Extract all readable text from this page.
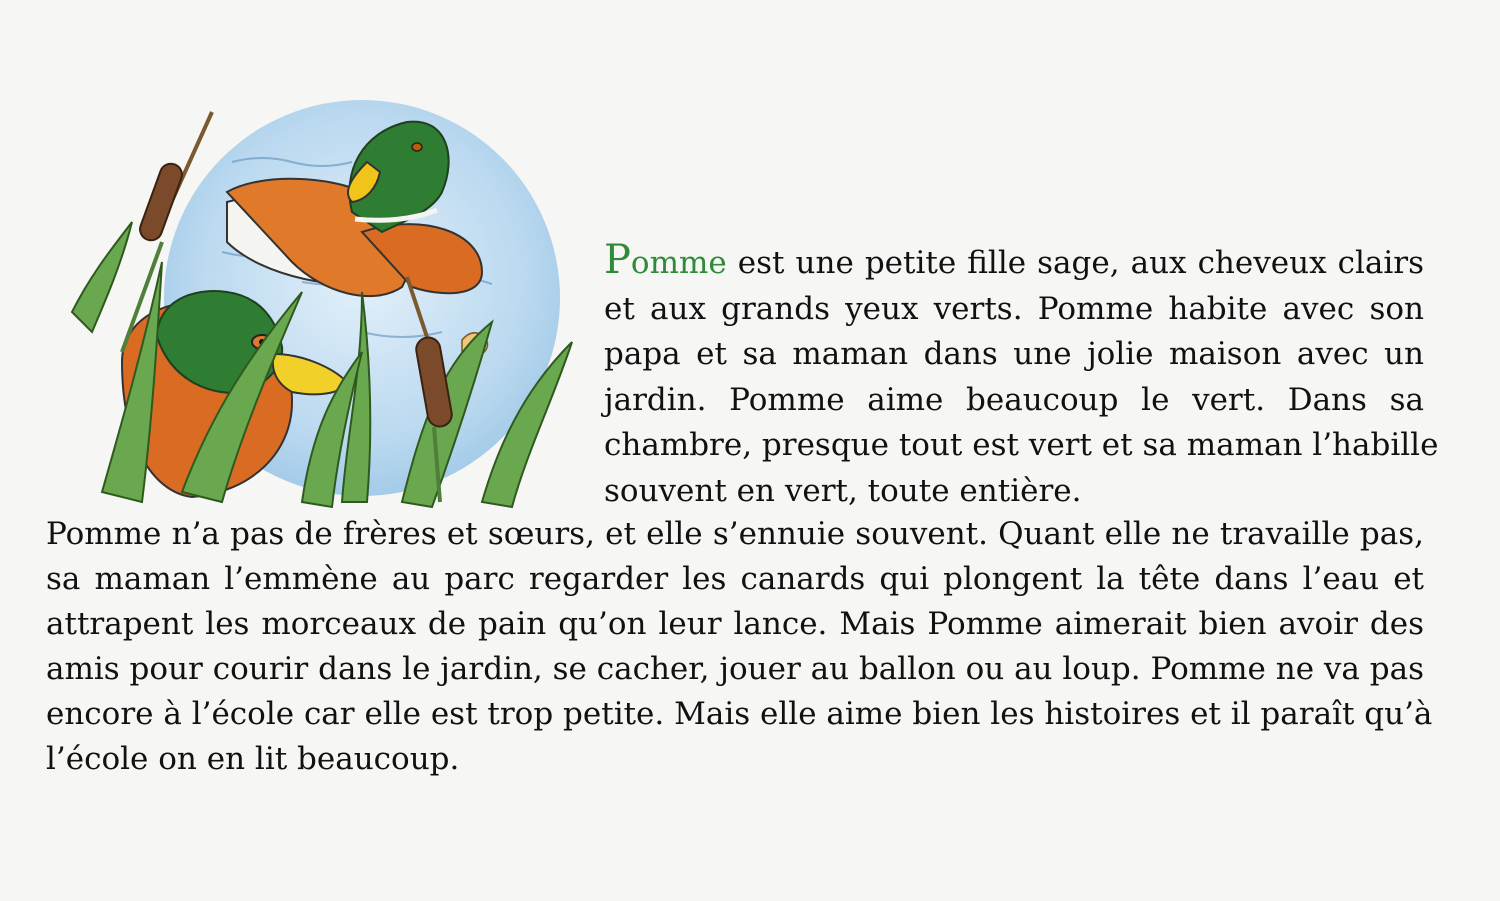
Pomme est une petite fille sage, aux cheveux clairs
et aux grands yeux verts. Pomme habite avec son
papa et sa maman dans une jolie maison avec un
jardin. Pomme aime beaucoup le vert. Dans sa
chambre, presque tout est vert et sa maman l’habille
souvent en vert, toute entière.
Pomme n’a pas de frères et sœurs, et elle s’ennuie souvent. Quant elle ne travaille pas,
sa maman l’emmène au parc regarder les canards qui plongent la tête dans l’eau et
attrapent les morceaux de pain qu’on leur lance. Mais Pomme aimerait bien avoir des
amis pour courir dans le jardin, se cacher, jouer au ballon ou au loup. Pomme ne va pas
encore à l’école car elle est trop petite. Mais elle aime bien les histoires et il paraît qu’à
l’école on en lit beaucoup.
